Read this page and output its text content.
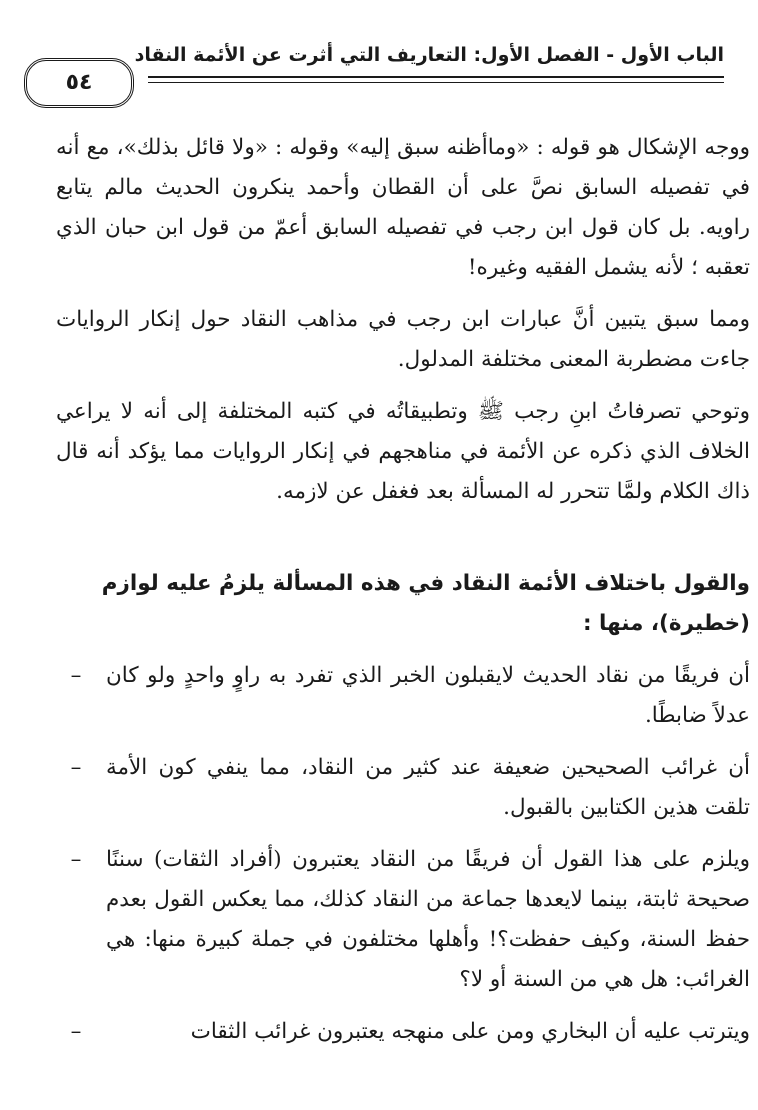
الباب الأول - الفصل الأول: التعاريف التي أثرت عن الأئمة النقاد
٥٤

ووجه الإشكال هو قوله : «وماأظنه سبق إليه» وقوله : «ولا قائل بذلك»، مع أنه في تفصيله السابق نصَّ على أن القطان وأحمد ينكرون الحديث مالم يتابع راويه. بل كان قول ابن رجب في تفصيله السابق أعمّ من قول ابن حبان الذي تعقبه ؛ لأنه يشمل الفقيه وغيره!

ومما سبق يتبين أنَّ عبارات ابن رجب في مذاهب النقاد حول إنكار الروايات جاءت مضطربة المعنى مختلفة المدلول.

وتوحي تصرفاتُ ابنِ رجب ﷺ وتطبيقاتُه في كتبه المختلفة إلى أنه لا يراعي الخلاف الذي ذكره عن الأئمة في مناهجهم في إنكار الروايات مما يؤكد أنه قال ذاك الكلام ولمَّا تتحرر له المسألة بعد فغفل عن لازمه.

والقول باختلاف الأئمة النقاد في هذه المسألة يلزمُ عليه لوازم (خطيرة)، منها :
–	أن فريقًا من نقاد الحديث لايقبلون الخبر الذي تفرد به راوٍ واحدٍ ولو كان عدلاً ضابطًا.
–	أن غرائب الصحيحين ضعيفة عند كثير من النقاد، مما ينفي كون الأمة تلقت هذين الكتابين بالقبول.
–	ويلزم على هذا القول أن فريقًا من النقاد يعتبرون (أفراد الثقات) سننًا صحيحة ثابتة، بينما لايعدها جماعة من النقاد كذلك، مما يعكس القول بعدم حفظ السنة، وكيف حفظت؟! وأهلها مختلفون في جملة كبيرة منها: هي الغرائب: هل هي من السنة أو لا؟
–	ويترتب عليه أن البخاري ومن على منهجه يعتبرون غرائب الثقات
